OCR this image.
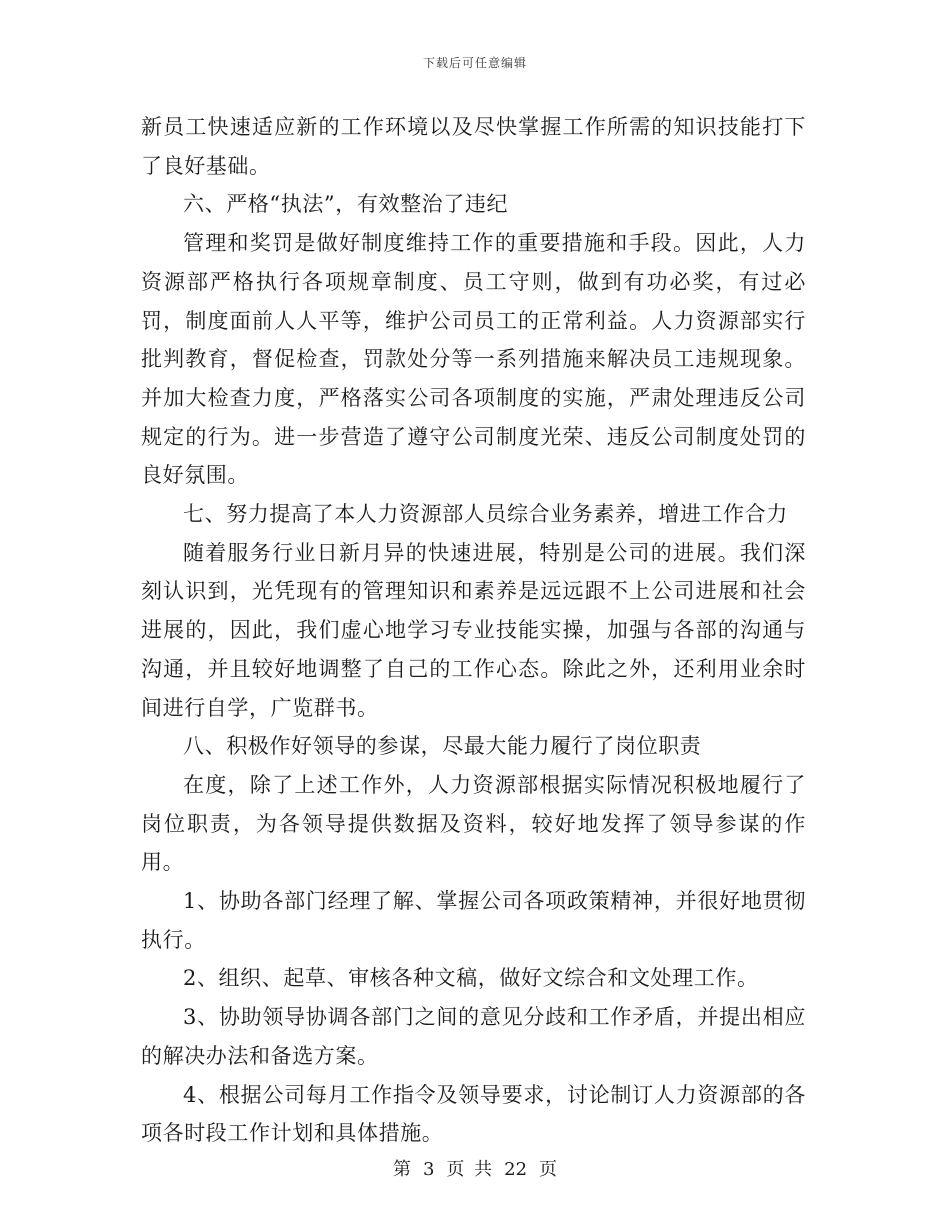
下载后可任意编辑

新员工快速适应新的工作环境以及尽快掌握工作所需的知识技能打下了良好基础。

六、严格“执法”，有效整治了违纪

管理和奖罚是做好制度维持工作的重要措施和手段。因此，人力资源部严格执行各项规章制度、员工守则，做到有功必奖，有过必罚，制度面前人人平等，维护公司员工的正常利益。人力资源部实行批判教育，督促检查，罚款处分等一系列措施来解决员工违规现象。并加大检查力度，严格落实公司各项制度的实施，严肃处理违反公司规定的行为。进一步营造了遵守公司制度光荣、违反公司制度处罚的良好氛围。

七、努力提高了本人力资源部人员综合业务素养，增进工作合力

随着服务行业日新月异的快速进展，特别是公司的进展。我们深刻认识到，光凭现有的管理知识和素养是远远跟不上公司进展和社会进展的，因此，我们虚心地学习专业技能实操，加强与各部的沟通与沟通，并且较好地调整了自己的工作心态。除此之外，还利用业余时间进行自学，广览群书。

八、积极作好领导的参谋，尽最大能力履行了岗位职责

在度，除了上述工作外，人力资源部根据实际情况积极地履行了岗位职责，为各领导提供数据及资料，较好地发挥了领导参谋的作用。

1、协助各部门经理了解、掌握公司各项政策精神，并很好地贯彻执行。

2、组织、起草、审核各种文稿，做好文综合和文处理工作。

3、协助领导协调各部门之间的意见分歧和工作矛盾，并提出相应的解决办法和备选方案。

4、根据公司每月工作指令及领导要求，讨论制订人力资源部的各项各时段工作计划和具体措施。

第 3 页 共 22 页
